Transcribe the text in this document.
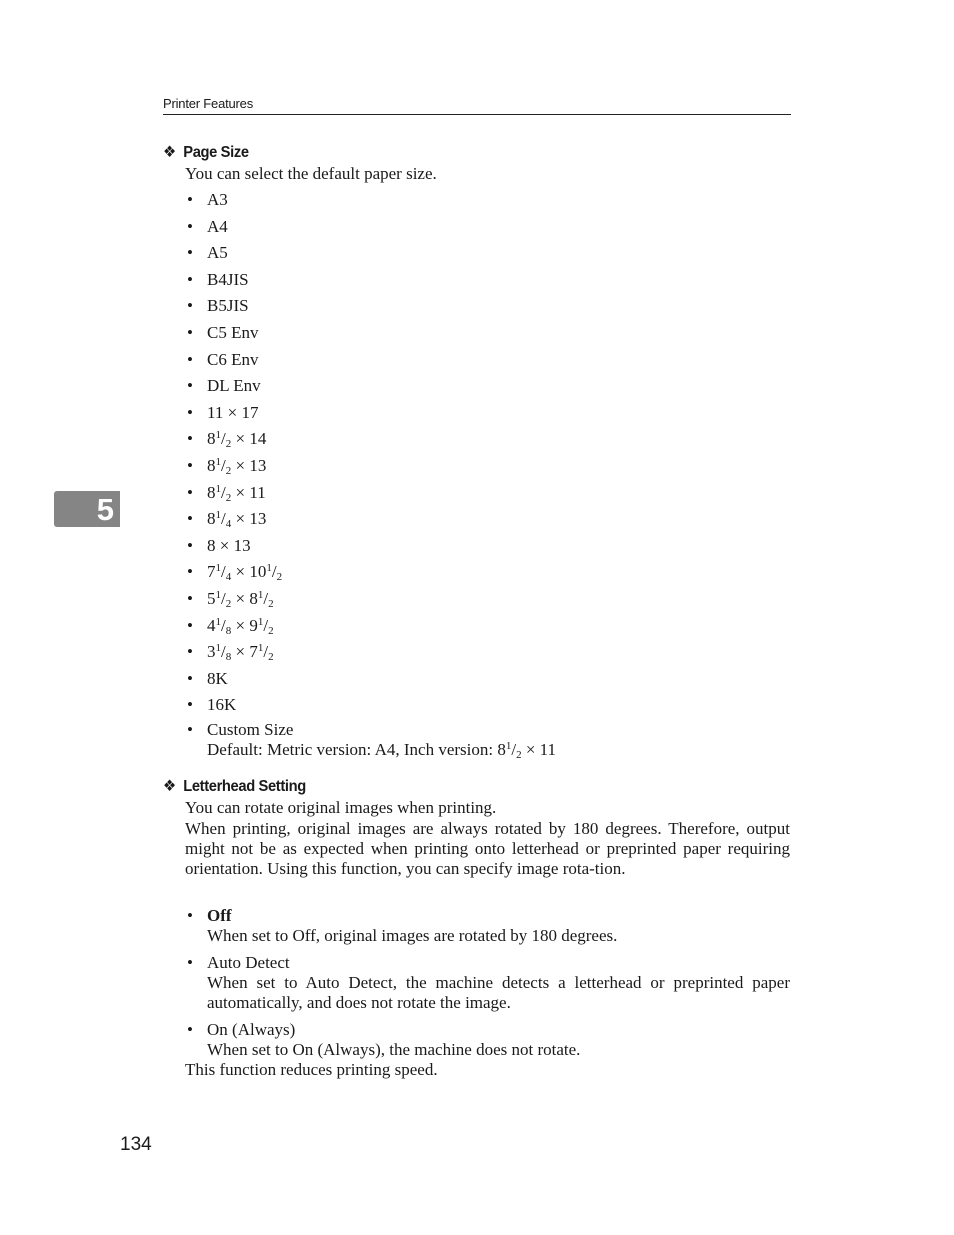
Printer Features
5
❖ Page Size
You can select the default paper size.
• A3
• A4
• A5
• B4JIS
• B5JIS
• C5 Env
• C6 Env
• DL Env
• 11 × 17
• $8^1/_2 \times 14$
• $8^1/_2 \times 13$
• $8^1/_2 \times 11$
• $8^1/_4 \times 13$
• 8 × 13
• $7^1/_4 \times 10^1/_2$
• $5^1/_2 \times 8^1/_2$
• $4^1/_8 \times 9^1/_2$
• $3^1/_8 \times 7^1/_2$
• 8K
• 16K
• Custom Size
Default: Metric version: A4, Inch version: $8^1/_2 \times 11$
❖ Letterhead Setting
You can rotate original images when printing.
When printing, original images are always rotated by 180 degrees. Therefore, output might not be as expected when printing onto letterhead or preprinted paper requiring orientation. Using this function, you can specify image rota-tion.
• Off
When set to Off, original images are rotated by 180 degrees.
• Auto Detect
When set to Auto Detect, the machine detects a letterhead or preprinted paper automatically, and does not rotate the image.
• On (Always)
When set to On (Always), the machine does not rotate.
This function reduces printing speed.
134
